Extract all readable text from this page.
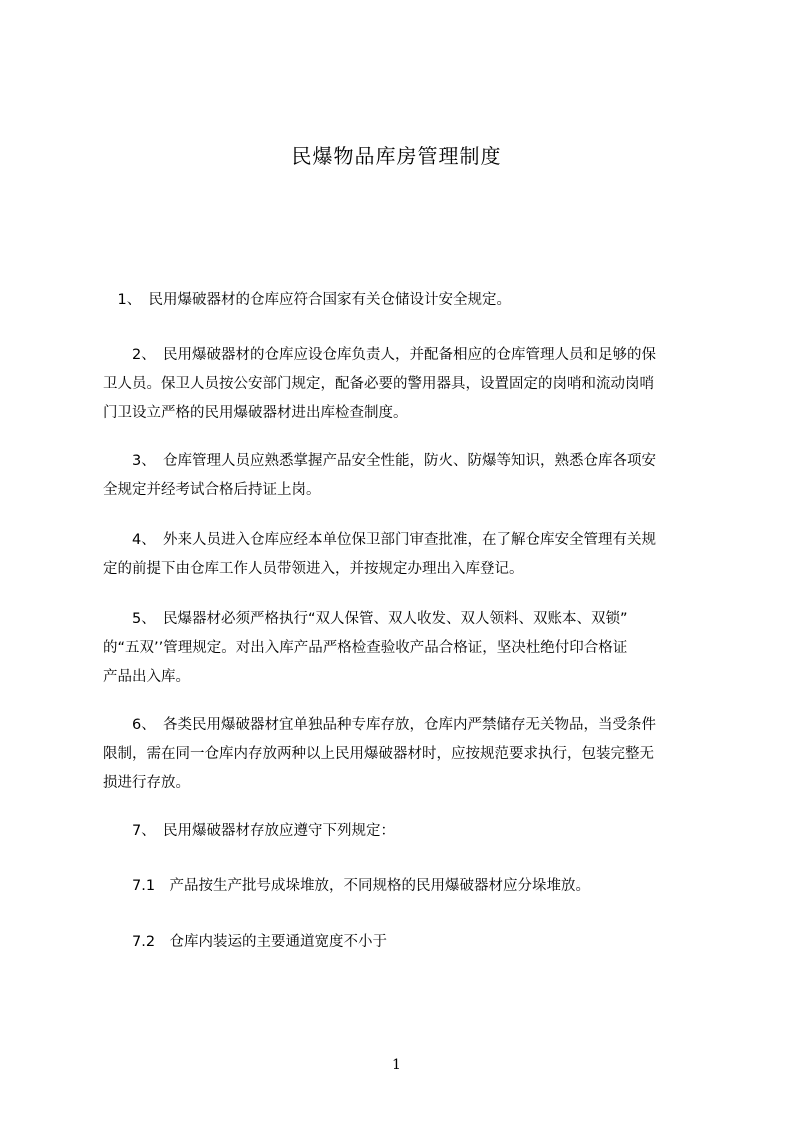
民爆物品库房管理制度
　1、　民用爆破器材的仓库应符合国家有关仓储设计安全规定。
　　2、　民用爆破器材的仓库应设仓库负责人，并配备相应的仓库管理人员和足够的保
卫人员。保卫人员按公安部门规定，配备必要的警用器具，设置固定的岗哨和流动岗哨
门卫设立严格的民用爆破器材进出库检查制度。
　　3、　仓库管理人员应熟悉掌握产品安全性能，防火、防爆等知识，熟悉仓库各项安
全规定并经考试合格后持证上岗。
　　4、　外来人员进入仓库应经本单位保卫部门审查批准，在了解仓库安全管理有关规
定的前提下由仓库工作人员带领进入，并按规定办理出入库登记。
　　5、　民爆器材必须严格执行“双人保管、双人收发、双人领料、双账本、双锁”
的“五双’’管理规定。对出入库产品严格检查验收产品合格证，坚决杜绝付印合格证
产品出入库。
　　6、　各类民用爆破器材宜单独品种专库存放，仓库内严禁储存无关物品，当受条件
限制，需在同一仓库内存放两种以上民用爆破器材时，应按规范要求执行，包装完整无
损进行存放。
　　7、　民用爆破器材存放应遵守下列规定：
　　7.1　产品按生产批号成垛堆放，不同规格的民用爆破器材应分垛堆放。
　　7.2　仓库内装运的主要通道宽度不小于
1
